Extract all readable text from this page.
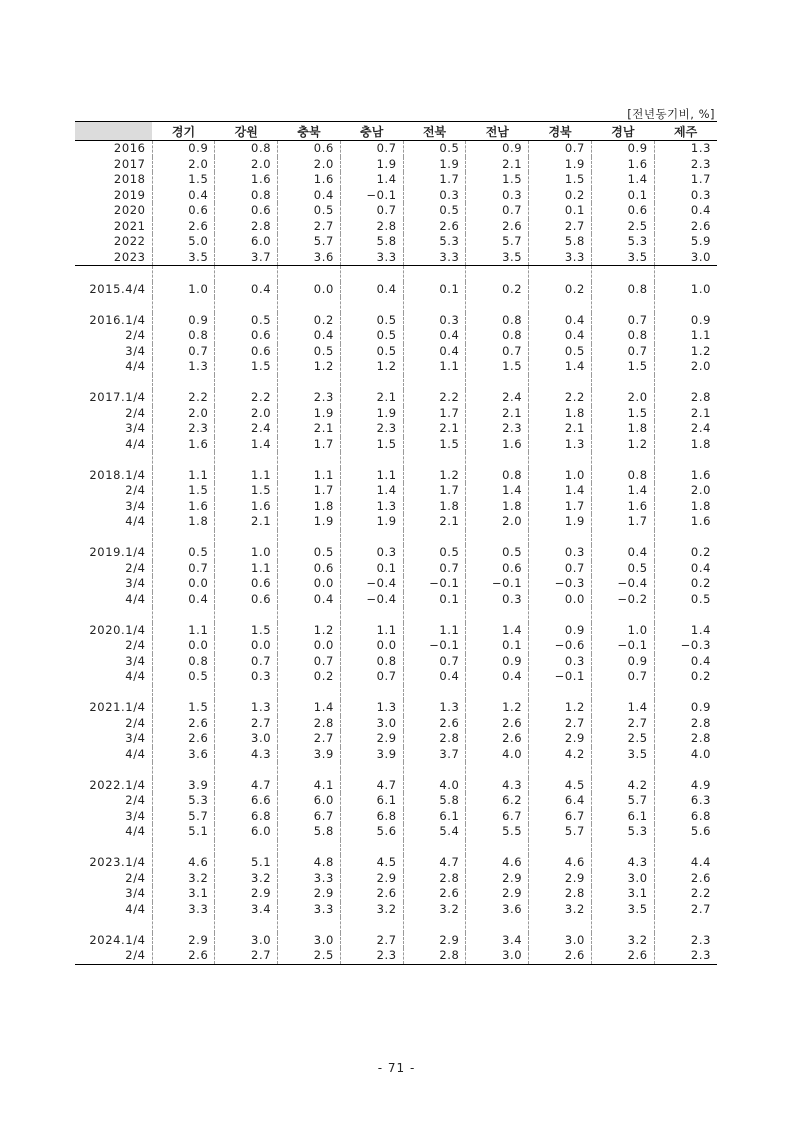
[전년동기비, %]
	경기	강원	충북	충남	전북	전남	경북	경남	제주
2016	0.9	0.8	0.6	0.7	0.5	0.9	0.7	0.9	1.3
2017	2.0	2.0	2.0	1.9	1.9	2.1	1.9	1.6	2.3
2018	1.5	1.6	1.6	1.4	1.7	1.5	1.5	1.4	1.7
2019	0.4	0.8	0.4	−0.1	0.3	0.3	0.2	0.1	0.3
2020	0.6	0.6	0.5	0.7	0.5	0.7	0.1	0.6	0.4
2021	2.6	2.8	2.7	2.8	2.6	2.6	2.7	2.5	2.6
2022	5.0	6.0	5.7	5.8	5.3	5.7	5.8	5.3	5.9
2023	3.5	3.7	3.6	3.3	3.3	3.5	3.3	3.5	3.0

2015.4/4	1.0	0.4	0.0	0.4	0.1	0.2	0.2	0.8	1.0

2016.1/4	0.9	0.5	0.2	0.5	0.3	0.8	0.4	0.7	0.9
2/4	0.8	0.6	0.4	0.5	0.4	0.8	0.4	0.8	1.1
3/4	0.7	0.6	0.5	0.5	0.4	0.7	0.5	0.7	1.2
4/4	1.3	1.5	1.2	1.2	1.1	1.5	1.4	1.5	2.0

2017.1/4	2.2	2.2	2.3	2.1	2.2	2.4	2.2	2.0	2.8
2/4	2.0	2.0	1.9	1.9	1.7	2.1	1.8	1.5	2.1
3/4	2.3	2.4	2.1	2.3	2.1	2.3	2.1	1.8	2.4
4/4	1.6	1.4	1.7	1.5	1.5	1.6	1.3	1.2	1.8

2018.1/4	1.1	1.1	1.1	1.1	1.2	0.8	1.0	0.8	1.6
2/4	1.5	1.5	1.7	1.4	1.7	1.4	1.4	1.4	2.0
3/4	1.6	1.6	1.8	1.3	1.8	1.8	1.7	1.6	1.8
4/4	1.8	2.1	1.9	1.9	2.1	2.0	1.9	1.7	1.6

2019.1/4	0.5	1.0	0.5	0.3	0.5	0.5	0.3	0.4	0.2
2/4	0.7	1.1	0.6	0.1	0.7	0.6	0.7	0.5	0.4
3/4	0.0	0.6	0.0	−0.4	−0.1	−0.1	−0.3	−0.4	0.2
4/4	0.4	0.6	0.4	−0.4	0.1	0.3	0.0	−0.2	0.5

2020.1/4	1.1	1.5	1.2	1.1	1.1	1.4	0.9	1.0	1.4
2/4	0.0	0.0	0.0	0.0	−0.1	0.1	−0.6	−0.1	−0.3
3/4	0.8	0.7	0.7	0.8	0.7	0.9	0.3	0.9	0.4
4/4	0.5	0.3	0.2	0.7	0.4	0.4	−0.1	0.7	0.2

2021.1/4	1.5	1.3	1.4	1.3	1.3	1.2	1.2	1.4	0.9
2/4	2.6	2.7	2.8	3.0	2.6	2.6	2.7	2.7	2.8
3/4	2.6	3.0	2.7	2.9	2.8	2.6	2.9	2.5	2.8
4/4	3.6	4.3	3.9	3.9	3.7	4.0	4.2	3.5	4.0

2022.1/4	3.9	4.7	4.1	4.7	4.0	4.3	4.5	4.2	4.9
2/4	5.3	6.6	6.0	6.1	5.8	6.2	6.4	5.7	6.3
3/4	5.7	6.8	6.7	6.8	6.1	6.7	6.7	6.1	6.8
4/4	5.1	6.0	5.8	5.6	5.4	5.5	5.7	5.3	5.6

2023.1/4	4.6	5.1	4.8	4.5	4.7	4.6	4.6	4.3	4.4
2/4	3.2	3.2	3.3	2.9	2.8	2.9	2.9	3.0	2.6
3/4	3.1	2.9	2.9	2.6	2.6	2.9	2.8	3.1	2.2
4/4	3.3	3.4	3.3	3.2	3.2	3.6	3.2	3.5	2.7

2024.1/4	2.9	3.0	3.0	2.7	2.9	3.4	3.0	3.2	2.3
2/4	2.6	2.7	2.5	2.3	2.8	3.0	2.6	2.6	2.3
- 71 -
